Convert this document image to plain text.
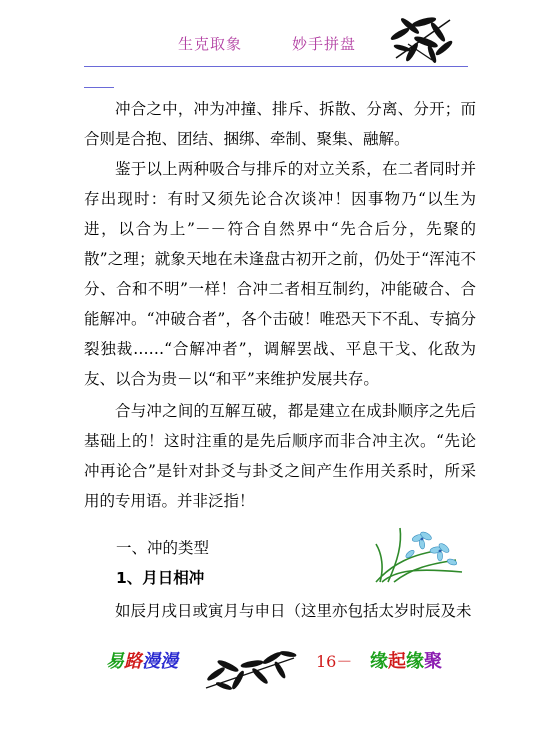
生克取象	妙手拼盘

冲合之中，冲为冲撞、排斥、拆散、分离、分开；而合则是合抱、团结、捆绑、牵制、聚集、融解。

鉴于以上两种吸合与排斥的对立关系，在二者同时并存出现时：有时又须先论合次谈冲！因事物乃“以生为进，以合为上”－－符合自然界中“先合后分，先聚的散”之理；就象天地在未逢盘古初开之前，仍处于“浑沌不分、合和不明”一样！合冲二者相互制约，冲能破合、合能解冲。“冲破合者”，各个击破！唯恐天下不乱、专搞分裂独裁……“合解冲者”，调解罢战、平息干戈、化敌为友、以合为贵－以“和平”来维护发展共存。

合与冲之间的互解互破，都是建立在成卦顺序之先后基础上的！这时注重的是先后顺序而非合冲主次。“先论冲再论合”是针对卦爻与卦爻之间产生作用关系时，所采用的专用语。并非泛指！

一、冲的类型
1、月日相冲

如辰月戌日或寅月与申日（这里亦包括太岁时辰及未

易路漫漫	16－ 缘起缘聚
